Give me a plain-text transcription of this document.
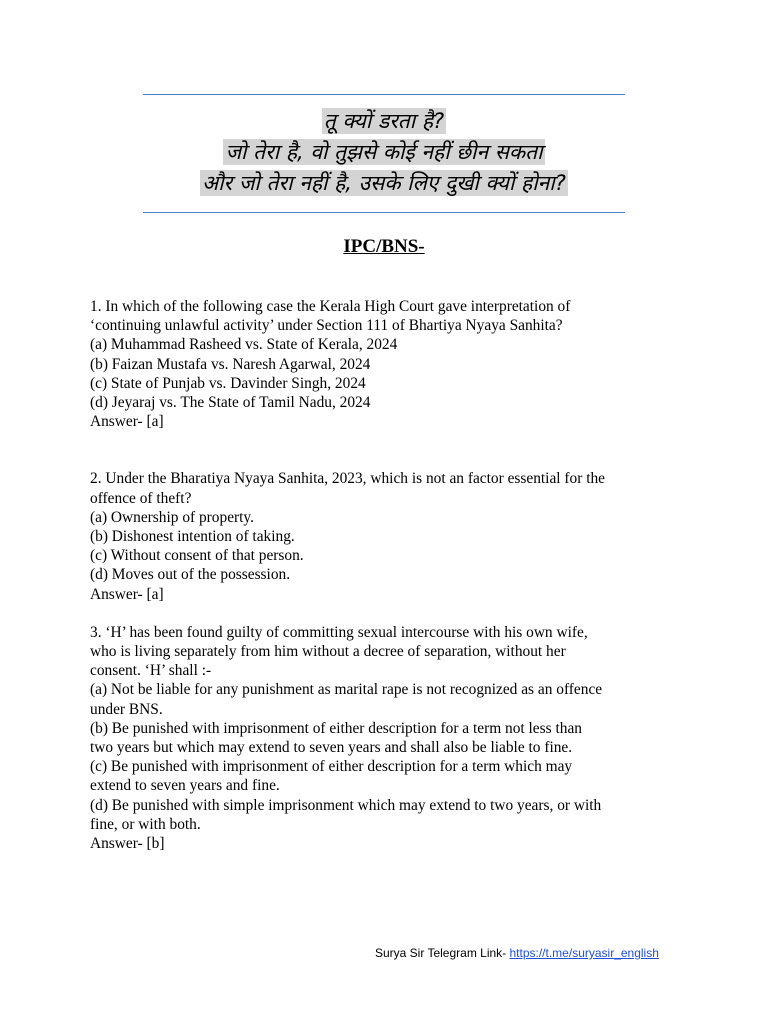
तू क्यों डरता है?
जो तेरा है, वो तुझसे कोई नहीं छीन सकता
और जो तेरा नहीं है, उसके लिए दुखी क्यों होना?
IPC/BNS-
1. In which of the following case the Kerala High Court gave interpretation of
‘continuing unlawful activity’ under Section 111 of Bhartiya Nyaya Sanhita?
(a) Muhammad Rasheed vs. State of Kerala, 2024
(b) Faizan Mustafa vs. Naresh Agarwal, 2024
(c) State of Punjab vs. Davinder Singh, 2024
(d) Jeyaraj vs. The State of Tamil Nadu, 2024
Answer- [a]
2. Under the Bharatiya Nyaya Sanhita, 2023, which is not an factor essential for the
offence of theft?
(a) Ownership of property.
(b) Dishonest intention of taking.
(c) Without consent of that person.
(d) Moves out of the possession.
Answer- [a]
3. ‘H’ has been found guilty of committing sexual intercourse with his own wife,
who is living separately from him without a decree of separation, without her
consent. ‘H’ shall :-
(a) Not be liable for any punishment as marital rape is not recognized as an offence
under BNS.
(b) Be punished with imprisonment of either description for a term not less than
two years but which may extend to seven years and shall also be liable to fine.
(c) Be punished with imprisonment of either description for a term which may
extend to seven years and fine.
(d) Be punished with simple imprisonment which may extend to two years, or with
fine, or with both.
Answer- [b]
Surya Sir Telegram Link- https://t.me/suryasir_english
